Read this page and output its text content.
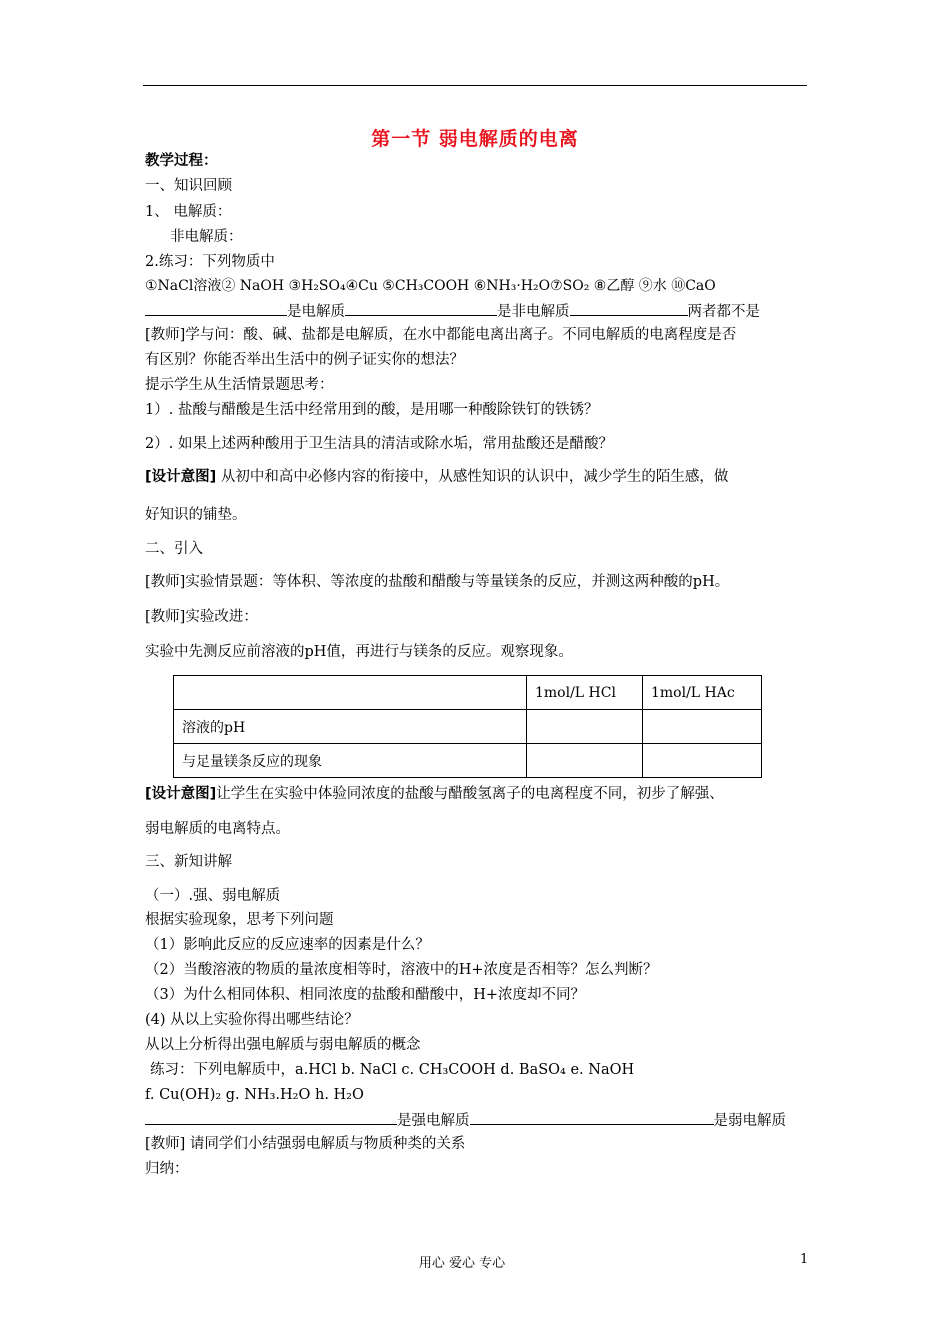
第一节 弱电解质的电离
教学过程：
一、知识回顾
1、 电解质：
非电解质：
2.练习：下列物质中
①NaCl溶液② NaOH ③H₂SO₄④Cu ⑤CH₃COOH ⑥NH₃·H₂O⑦SO₂ ⑧乙醇 ⑨水 ⑩CaO
是电解质	是非电解质	两者都不是
[教师]学与问：酸、碱、盐都是电解质，在水中都能电离出离子。不同电解质的电离程度是否
有区别？你能否举出生活中的例子证实你的想法？
提示学生从生活情景题思考：
1）. 盐酸与醋酸是生活中经常用到的酸，是用哪一种酸除铁钉的铁锈？
2）. 如果上述两种酸用于卫生洁具的清洁或除水垢，常用盐酸还是醋酸？
[设计意图] 从初中和高中必修内容的衔接中，从感性知识的认识中，减少学生的陌生感，做
好知识的铺垫。
二、引入
[教师]实验情景题：等体积、等浓度的盐酸和醋酸与等量镁条的反应，并测这两种酸的pH。
[教师]实验改进：
实验中先测反应前溶液的pH值，再进行与镁条的反应。观察现象。
	1mol/L HCl	1mol/L HAc
溶液的pH		
与足量镁条反应的现象		
[设计意图]让学生在实验中体验同浓度的盐酸与醋酸氢离子的电离程度不同，初步了解强、
弱电解质的电离特点。
三、新知讲解
（一）.强、弱电解质
根据实验现象，思考下列问题
（1）影响此反应的反应速率的因素是什么？
（2）当酸溶液的物质的量浓度相等时，溶液中的H+浓度是否相等？怎么判断？
（3）为什么相同体积、相同浓度的盐酸和醋酸中，H+浓度却不同？
(4) 从以上实验你得出哪些结论？
从以上分析得出强电解质与弱电解质的概念
练习：下列电解质中，a.HCl b. NaCl c. CH₃COOH d. BaSO₄ e. NaOH
f. Cu(OH)₂ g. NH₃.H₂O h. H₂O
是强电解质	是弱电解质
[教师] 请同学们小结强弱电解质与物质种类的关系
归纳：
用心 爱心 专心	1
